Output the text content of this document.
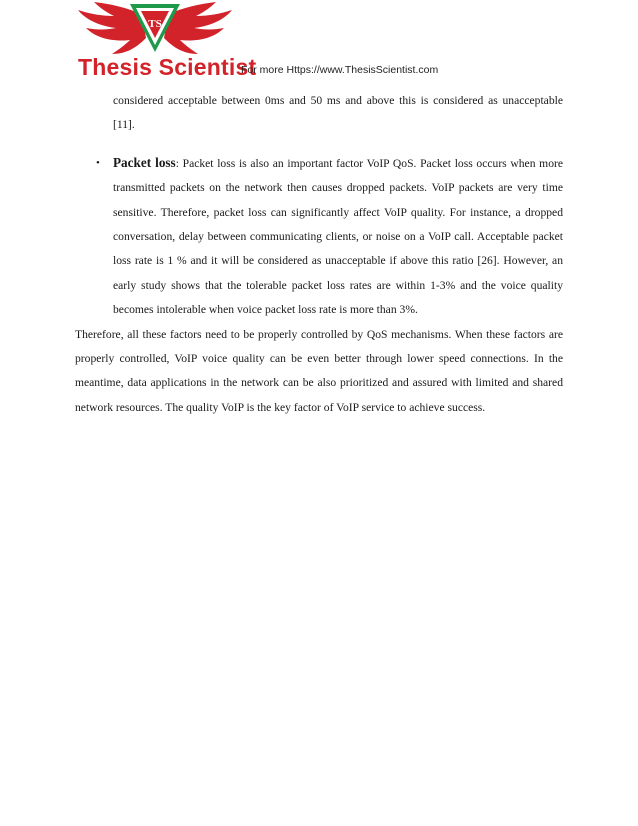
TS
Thesis Scientist
For more Https://www.ThesisScientist.com

considered acceptable between 0ms and 50 ms and above this is considered as unacceptable [11].

• Packet loss: Packet loss is also an important factor VoIP QoS. Packet loss occurs when more transmitted packets on the network then causes dropped packets. VoIP packets are very time sensitive. Therefore, packet loss can significantly affect VoIP quality. For instance, a dropped conversation, delay between communicating clients, or noise on a VoIP call. Acceptable packet loss rate is 1 % and it will be considered as unacceptable if above this ratio [26]. However, an early study shows that the tolerable packet loss rates are within 1-3% and the voice quality becomes intolerable when voice packet loss rate is more than 3%.

Therefore, all these factors need to be properly controlled by QoS mechanisms. When these factors are properly controlled, VoIP voice quality can be even better through lower speed connections. In the meantime, data applications in the network can be also prioritized and assured with limited and shared network resources. The quality VoIP is the key factor of VoIP service to achieve success.
